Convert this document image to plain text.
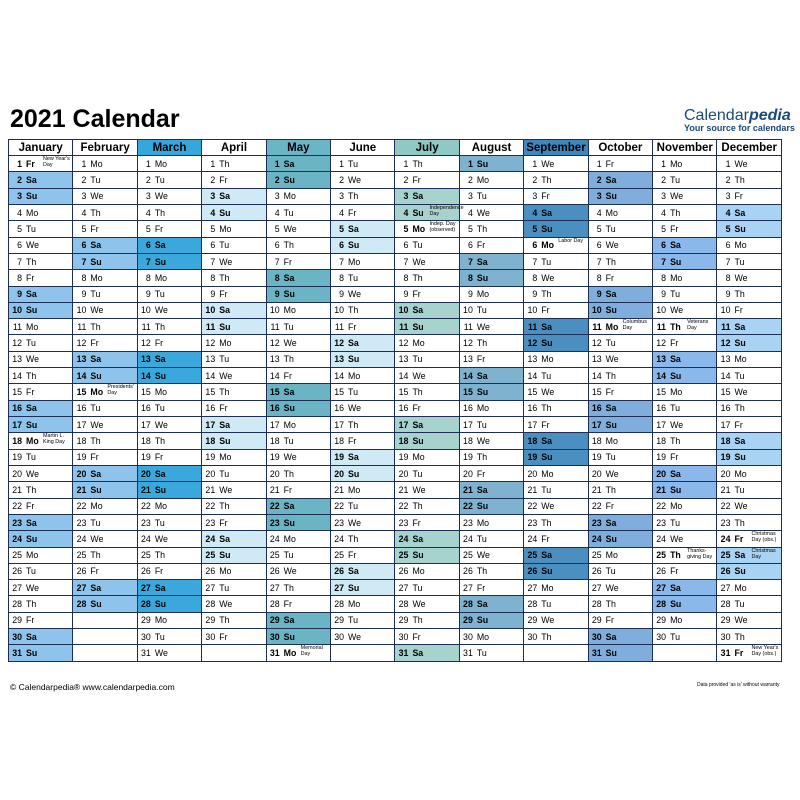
2021 Calendar	Calendarpedia
Your source for calendars
January	February	March	April	May	June	July	August	September	October	November	December
1 Fr New Year's Day	1 Mo	1 Mo	1 Th	1 Sa	1 Tu	1 Th	1 Su	1 We	1 Fr	1 Mo	1 We
2 Sa	2 Tu	2 Tu	2 Fr	2 Su	2 We	2 Fr	2 Mo	2 Th	2 Sa	2 Tu	2 Th
3 Su	3 We	3 We	3 Sa	3 Mo	3 Th	3 Sa	3 Tu	3 Fr	3 Su	3 We	3 Fr
4 Mo	4 Th	4 Th	4 Su	4 Tu	4 Fr	4 Su Independence Day	4 We	4 Sa	4 Mo	4 Th	4 Sa
5 Tu	5 Fr	5 Fr	5 Mo	5 We	5 Sa	5 Mo Indep. Day (observed)	5 Th	5 Su	5 Tu	5 Fr	5 Su
6 We	6 Sa	6 Sa	6 Tu	6 Th	6 Su	6 Tu	6 Fr	6 Mo Labor Day	6 We	6 Sa	6 Mo
7 Th	7 Su	7 Su	7 We	7 Fr	7 Mo	7 We	7 Sa	7 Tu	7 Th	7 Su	7 Tu
8 Fr	8 Mo	8 Mo	8 Th	8 Sa	8 Tu	8 Th	8 Su	8 We	8 Fr	8 Mo	8 We
9 Sa	9 Tu	9 Tu	9 Fr	9 Su	9 We	9 Fr	9 Mo	9 Th	9 Sa	9 Tu	9 Th
10 Su	10 We	10 We	10 Sa	10 Mo	10 Th	10 Sa	10 Tu	10 Fr	10 Su	10 We	10 Fr
11 Mo	11 Th	11 Th	11 Su	11 Tu	11 Fr	11 Su	11 We	11 Sa	11 Mo Columbus Day	11 Th Veterans Day	11 Sa
12 Tu	12 Fr	12 Fr	12 Mo	12 We	12 Sa	12 Mo	12 Th	12 Su	12 Tu	12 Fr	12 Su
13 We	13 Sa	13 Sa	13 Tu	13 Th	13 Su	13 Tu	13 Fr	13 Mo	13 We	13 Sa	13 Mo
14 Th	14 Su	14 Su	14 We	14 Fr	14 Mo	14 We	14 Sa	14 Tu	14 Th	14 Su	14 Tu
15 Fr	15 Mo Presidents' Day	15 Mo	15 Th	15 Sa	15 Tu	15 Th	15 Su	15 We	15 Fr	15 Mo	15 We
16 Sa	16 Tu	16 Tu	16 Fr	16 Su	16 We	16 Fr	16 Mo	16 Th	16 Sa	16 Tu	16 Th
17 Su	17 We	17 We	17 Sa	17 Mo	17 Th	17 Sa	17 Tu	17 Fr	17 Su	17 We	17 Fr
18 Mo Martin L. King Day	18 Th	18 Th	18 Su	18 Tu	18 Fr	18 Su	18 We	18 Sa	18 Mo	18 Th	18 Sa
19 Tu	19 Fr	19 Fr	19 Mo	19 We	19 Sa	19 Mo	19 Th	19 Su	19 Tu	19 Fr	19 Su
20 We	20 Sa	20 Sa	20 Tu	20 Th	20 Su	20 Tu	20 Fr	20 Mo	20 We	20 Sa	20 Mo
21 Th	21 Su	21 Su	21 We	21 Fr	21 Mo	21 We	21 Sa	21 Tu	21 Th	21 Su	21 Tu
22 Fr	22 Mo	22 Mo	22 Th	22 Sa	22 Tu	22 Th	22 Su	22 We	22 Fr	22 Mo	22 We
23 Sa	23 Tu	23 Tu	23 Fr	23 Su	23 We	23 Fr	23 Mo	23 Th	23 Sa	23 Tu	23 Th
24 Su	24 We	24 We	24 Sa	24 Mo	24 Th	24 Sa	24 Tu	24 Fr	24 Su	24 We	24 Fr Christmas Day (obs.)

25 Mo	25 Th	25 Th	25 Su	25 Tu	25 Fr	25 Su	25 We	25 Sa	25 Mo	25 Th Thanks-giving Day	25 Sa Christmas Day

26 Tu	26 Fr	26 Fr	26 Mo	26 We	26 Sa	26 Mo	26 Th	26 Su	26 Tu	26 Fr	26 Su
27 We	27 Sa	27 Sa	27 Tu	27 Th	27 Su	27 Tu	27 Fr	27 Mo	27 We	27 Sa	27 Mo
28 Th	28 Su	28 Su	28 We	28 Fr	28 Mo	28 We	28 Sa	28 Tu	28 Th	28 Su	28 Tu
29 Fr		29 Mo	29 Th	29 Sa	29 Tu	29 Th	29 Su	29 We	29 Fr	29 Mo	29 We
30 Sa		30 Tu	30 Fr	30 Su	30 We	30 Fr	30 Mo	30 Th	30 Sa	30 Tu	30 Th
31 Su		31 We		31 Mo Memorial Day		31 Sa	31 Tu		31 Su		31 Fr New Year's Day (obs.)
© Calendarpedia® www.calendarpedia.com	Data provided 'as is' without warranty
